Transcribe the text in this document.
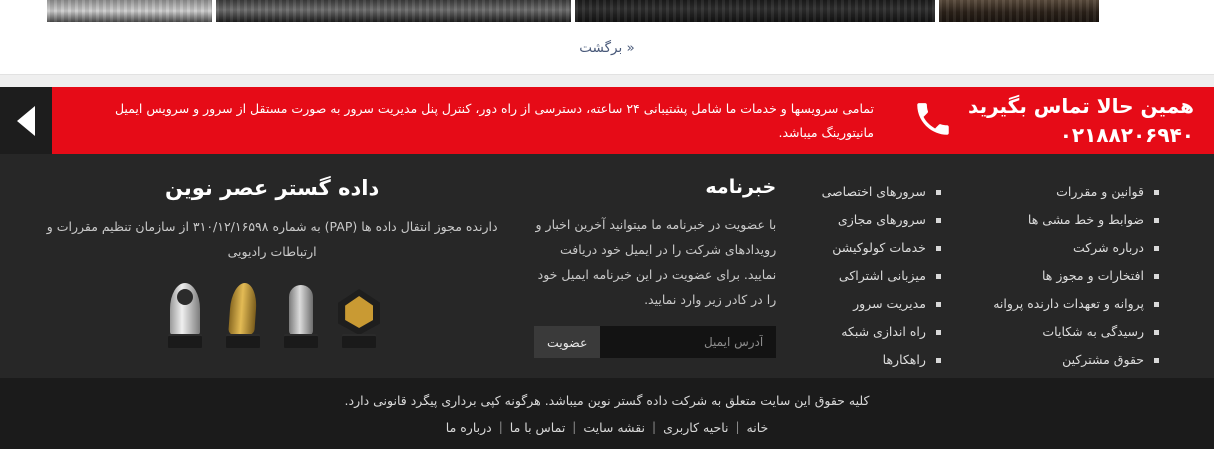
« برگشت
همین حالا تماس بگیرید
۰۲۱۸۸۲۰۶۹۴۰
تمامی سرویسها و خدمات ما شامل پشتیبانی ۲۴ ساعته، دسترسی از راه دور، کنترل پنل مدیریت سرور به صورت مستقل از سرور و سرویس ایمیل مانیتورینگ میباشد.
قوانین و مقررات
ضوابط و خط مشی ها
درباره شرکت
افتخارات و مجوز ها
پروانه و تعهدات دارنده پروانه
رسیدگی به شکایات
حقوق مشترکین
سرورهای اختصاصی
سرورهای مجازی
خدمات کولوکیشن
میزبانی اشتراکی
مدیریت سرور
راه اندازی شبکه
راهکارها
خبرنامه

با عضویت در خبرنامه ما میتوانید آخرین اخبار و رویدادهای شرکت را در ایمیل خود دریافت نمایید. برای عضویت در این خبرنامه ایمیل خود را در کادر زیر وارد نمایید.

آدرس ایمیل
عضویت
داده گستر عصر نوین

دارنده مجوز انتقال داده ها (PAP) به شماره ۳۱۰/۱۲/۱۶۵۹۸ از سازمان تنظیم مقررات و ارتباطات رادیویی

کلیه حقوق این سایت متعلق به شرکت داده گستر نوین میباشد. هرگونه کپی برداری پیگرد قانونی دارد.
خانه
|
ناحیه کاربری
|
نقشه سایت
|
تماس با ما
|
درباره ما
